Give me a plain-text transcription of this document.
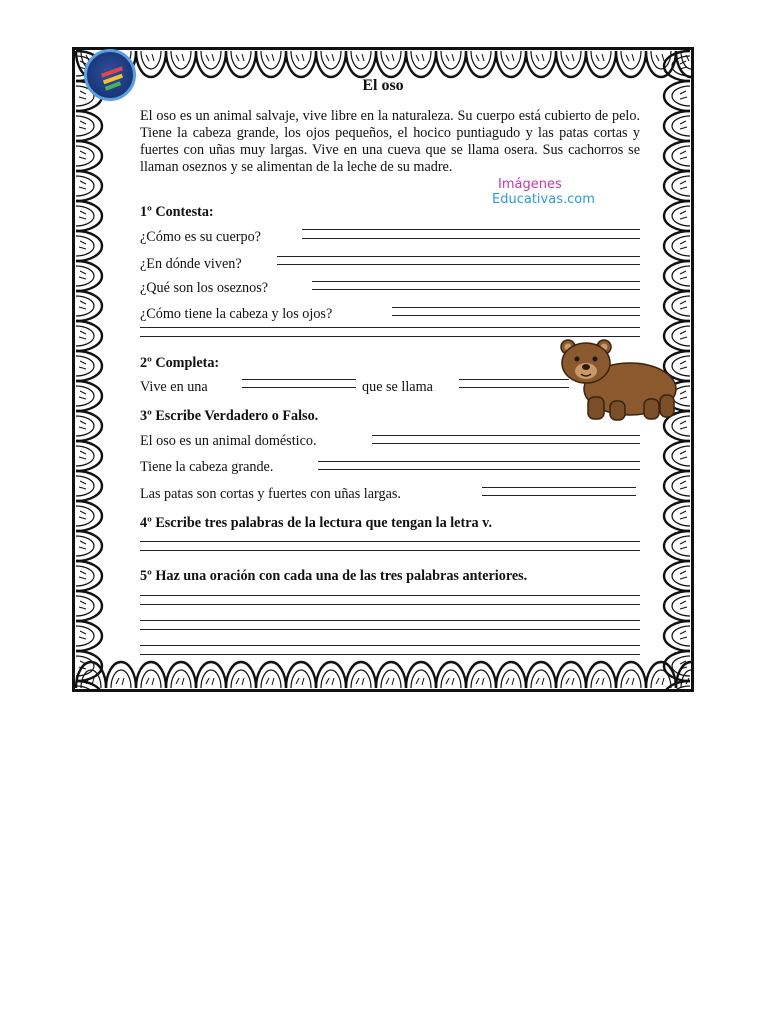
El oso

El oso es un animal salvaje, vive libre en la naturaleza. Su cuerpo está cubierto de pelo. Tiene la cabeza grande, los ojos pequeños, el hocico puntiagudo y las patas cortas y fuertes con uñas muy largas. Vive en una cueva que se llama osera. Sus cachorros se llaman oseznos y se alimentan de la leche de su madre.

Imágenes
Educativas.com
1º Contesta:
¿Cómo es su cuerpo?
¿En dónde viven?
¿Qué son los oseznos?
¿Cómo tiene la cabeza y los ojos?
2º Completa:
Vive en una	que se llama
3º Escribe Verdadero o Falso.
El oso es un animal doméstico.
Tiene la cabeza grande.
Las patas son cortas y fuertes con uñas largas.
4º Escribe tres palabras de la lectura que tengan la letra v.
5º Haz una oración con cada una de las tres palabras anteriores.
